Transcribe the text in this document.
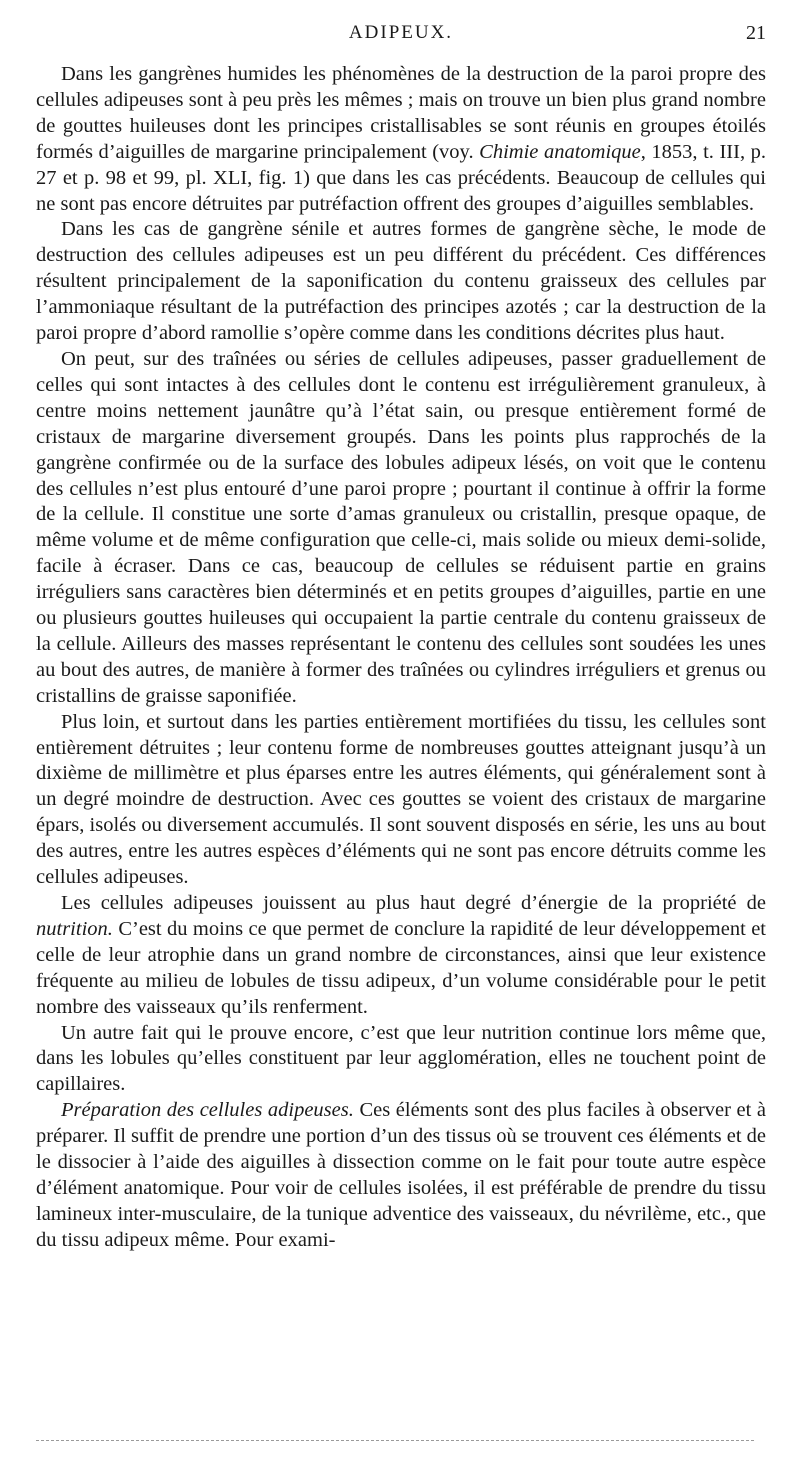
ADIPEUX.	21

Dans les gangrènes humides les phénomènes de la destruction de la paroi propre des cellules adipeuses sont à peu près les mêmes ; mais on trouve un bien plus grand nombre de gouttes huileuses dont les principes cristallisables se sont réunis en groupes étoilés formés d’aiguilles de margarine principalement (voy. Chimie anatomique, 1853, t. III, p. 27 et p. 98 et 99, pl. XLI, fig. 1) que dans les cas précédents. Beaucoup de cellules qui ne sont pas encore détruites par putréfaction offrent des groupes d’aiguilles semblables.

Dans les cas de gangrène sénile et autres formes de gangrène sèche, le mode de destruction des cellules adipeuses est un peu différent du précédent. Ces différences résultent principalement de la saponification du contenu graisseux des cellules par l’ammoniaque résultant de la putréfaction des principes azotés ; car la destruction de la paroi propre d’abord ramollie s’opère comme dans les conditions décrites plus haut.

On peut, sur des traînées ou séries de cellules adipeuses, passer graduellement de celles qui sont intactes à des cellules dont le contenu est irrégulièrement granuleux, à centre moins nettement jaunâtre qu’à l’état sain, ou presque entièrement formé de cristaux de margarine diversement groupés. Dans les points plus rapprochés de la gangrène confirmée ou de la surface des lobules adipeux lésés, on voit que le contenu des cellules n’est plus entouré d’une paroi propre ; pourtant il continue à offrir la forme de la cellule. Il constitue une sorte d’amas granuleux ou cristallin, presque opaque, de même volume et de même configuration que celle-ci, mais solide ou mieux demi-solide, facile à écraser. Dans ce cas, beaucoup de cellules se réduisent partie en grains irréguliers sans caractères bien déterminés et en petits groupes d’aiguilles, partie en une ou plusieurs gouttes huileuses qui occupaient la partie centrale du contenu graisseux de la cellule. Ailleurs des masses représentant le contenu des cellules sont soudées les unes au bout des autres, de manière à former des traînées ou cylindres irréguliers et grenus ou cristallins de graisse saponifiée.

Plus loin, et surtout dans les parties entièrement mortifiées du tissu, les cellules sont entièrement détruites ; leur contenu forme de nombreuses gouttes atteignant jusqu’à un dixième de millimètre et plus éparses entre les autres éléments, qui généralement sont à un degré moindre de destruction. Avec ces gouttes se voient des cristaux de margarine épars, isolés ou diversement accumulés. Il sont souvent disposés en série, les uns au bout des autres, entre les autres espèces d’éléments qui ne sont pas encore détruits comme les cellules adipeuses.

Les cellules adipeuses jouissent au plus haut degré d’énergie de la propriété de nutrition. C’est du moins ce que permet de conclure la rapidité de leur développement et celle de leur atrophie dans un grand nombre de circonstances, ainsi que leur existence fréquente au milieu de lobules de tissu adipeux, d’un volume considérable pour le petit nombre des vaisseaux qu’ils renferment.

Un autre fait qui le prouve encore, c’est que leur nutrition continue lors même que, dans les lobules qu’elles constituent par leur agglomération, elles ne touchent point de capillaires.

Préparation des cellules adipeuses. Ces éléments sont des plus faciles à observer et à préparer. Il suffit de prendre une portion d’un des tissus où se trouvent ces éléments et de le dissocier à l’aide des aiguilles à dissection comme on le fait pour toute autre espèce d’élément anatomique. Pour voir de cellules isolées, il est préférable de prendre du tissu lamineux inter-musculaire, de la tunique adventice des vaisseaux, du névrilème, etc., que du tissu adipeux même. Pour exami-
